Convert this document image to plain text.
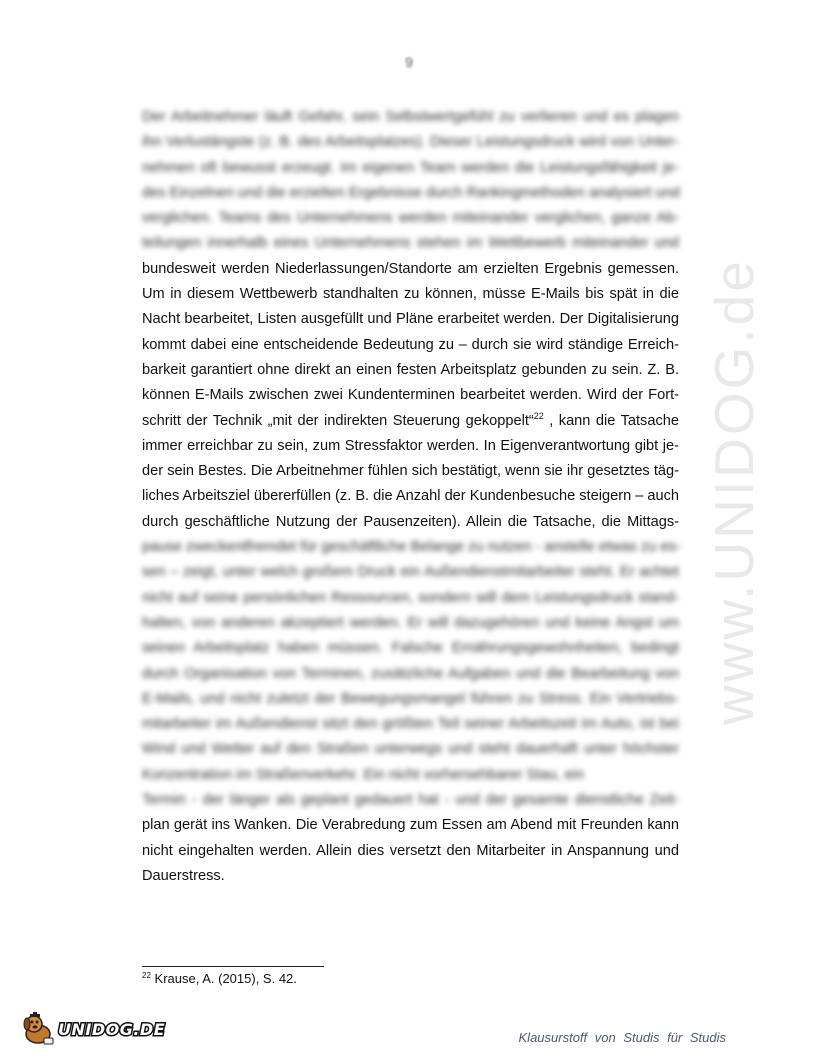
9
www.UNIDOG.de
Der Arbeitnehmer läuft Gefahr, sein Selbstwertgefühl zu verlieren und es plagen
ihn Verlustängste (z. B. des Arbeitsplatzes). Dieser Leistungsdruck wird von Unter-
nehmen oft bewusst erzeugt. Im eigenen Team werden die Leistungsfähigkeit je-
des Einzelnen und die erzielten Ergebnisse durch Rankingmethoden analysiert und
verglichen. Teams des Unternehmens werden miteinander verglichen, ganze Ab-
teilungen innerhalb eines Unternehmens stehen im Wettbewerb miteinander und
bundesweit werden Niederlassungen/Standorte am erzielten Ergebnis gemessen.
Um in diesem Wettbewerb standhalten zu können, müsse E-Mails bis spät in die
Nacht bearbeitet, Listen ausgefüllt und Pläne erarbeitet werden. Der Digitalisierung
kommt dabei eine entscheidende Bedeutung zu – durch sie wird ständige Erreich-
barkeit garantiert ohne direkt an einen festen Arbeitsplatz gebunden zu sein. Z. B.
können E-Mails zwischen zwei Kundenterminen bearbeitet werden. Wird der Fort-
schritt der Technik „mit der indirekten Steuerung gekoppelt“$^{22}$ , kann die Tatsache
immer erreichbar zu sein, zum Stressfaktor werden. In Eigenverantwortung gibt je-
der sein Bestes. Die Arbeitnehmer fühlen sich bestätigt, wenn sie ihr gesetztes täg-
liches Arbeitsziel übererfüllen (z. B. die Anzahl der Kundenbesuche steigern – auch
durch geschäftliche Nutzung der Pausenzeiten). Allein die Tatsache, die Mittags-
pause zweckentfremdet für geschäftliche Belange zu nutzen - anstelle etwas zu es-
sen – zeigt, unter welch großem Druck ein Außendienstmitarbeiter steht. Er achtet
nicht auf seine persönlichen Ressourcen, sondern will dem Leistungsdruck stand-
halten, von anderen akzeptiert werden. Er will dazugehören und keine Angst um
seinen Arbeitsplatz haben müssen. Falsche Ernährungsgewohnheiten, bedingt
durch Organisation von Terminen, zusätzliche Aufgaben und die Bearbeitung von
E-Mails, und nicht zuletzt der Bewegungsmangel führen zu Stress. Ein Vertriebs-
mitarbeiter im Außendienst sitzt den größten Teil seiner Arbeitszeit im Auto, ist bei
Wind und Wetter auf den Straßen unterwegs und steht dauerhaft unter höchster
Konzentration im Straßenverkehr. Ein nicht vorhersehbarer Stau, ein
Termin - der länger als geplant gedauert hat - und der gesamte dienstliche Zeit-
plan gerät ins Wanken. Die Verabredung zum Essen am Abend mit Freunden kann
nicht eingehalten werden. Allein dies versetzt den Mitarbeiter in Anspannung und
Dauerstress.
$^{22}$ Krause, A. (2015), S. 42.
UNIDOG.DE	Klausurstoff von Studis für Studis
